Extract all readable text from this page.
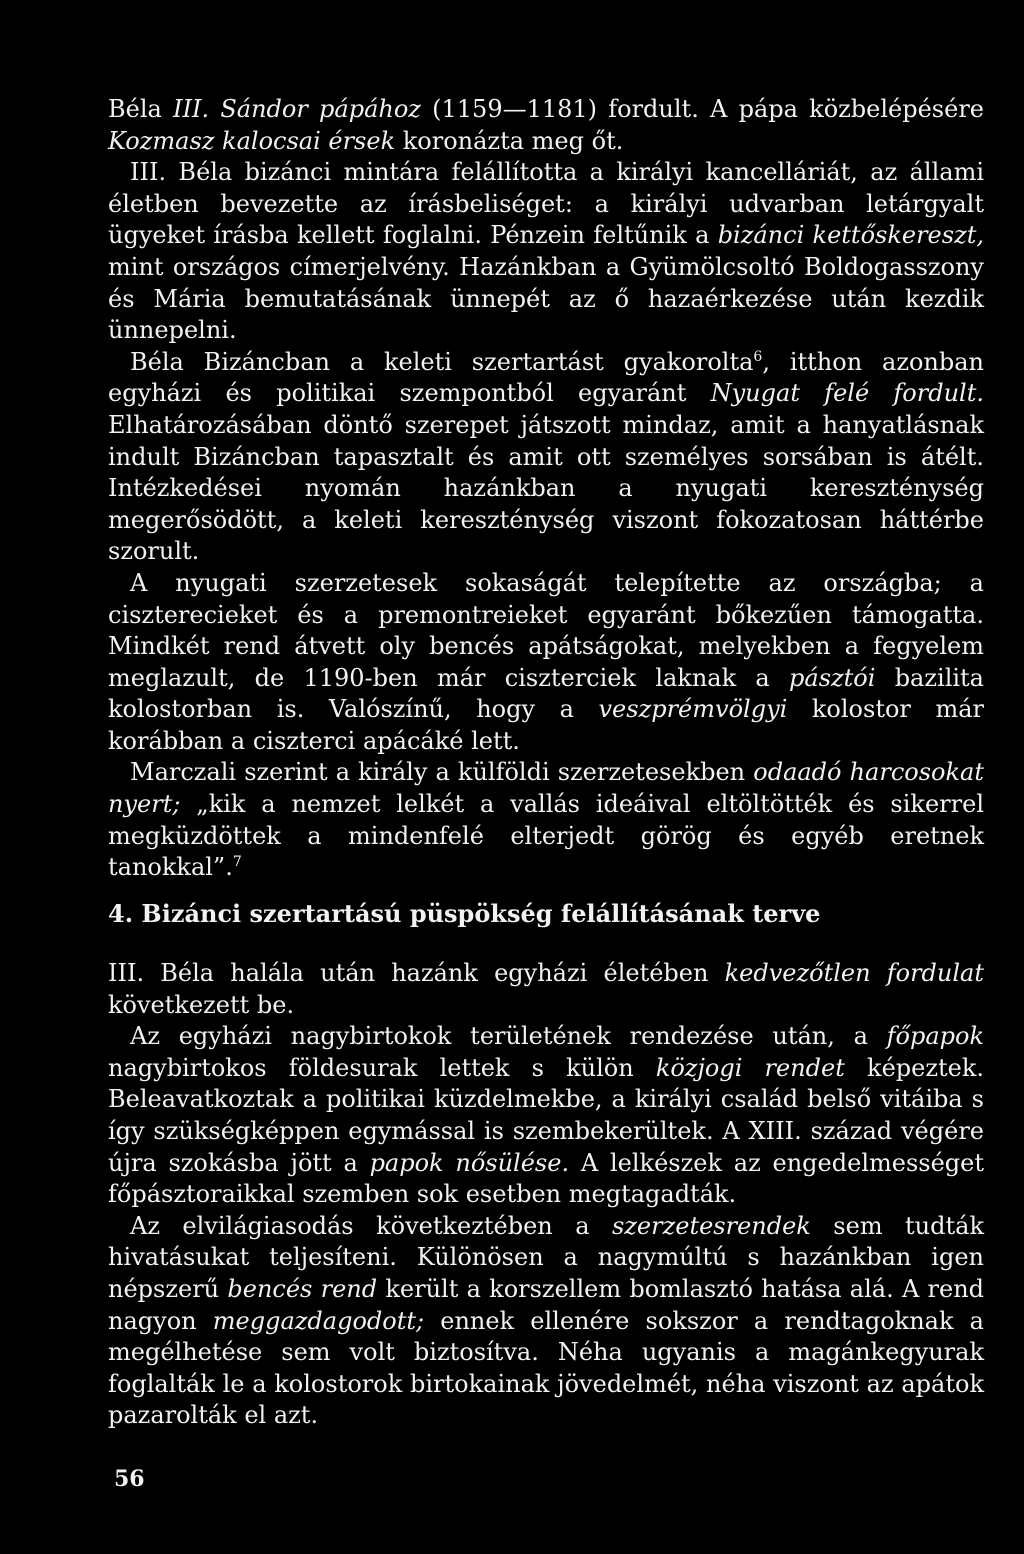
Béla III. Sándor pápához (1159—1181) fordult. A pápa közbelépésére Kozmasz kalocsai érsek koronázta meg őt.

III. Béla bizánci mintára felállította a királyi kancelláriát, az állami életben bevezette az írásbeliséget: a királyi udvarban letárgyalt ügyeket írásba kellett foglalni. Pénzein feltűnik a bizánci kettőskereszt, mint országos címerjelvény. Hazánkban a Gyümölcsoltó Boldogasszony és Mária bemutatásának ünnepét az ő hazaérkezése után kezdik ünnepelni.

Béla Bizáncban a keleti szertartást gyakorolta$^6$, itthon azonban egyházi és politikai szempontból egyaránt Nyugat felé fordult. Elhatározásában döntő szerepet játszott mindaz, amit a hanyatlásnak indult Bizáncban tapasztalt és amit ott személyes sorsában is átélt. Intézkedései nyomán hazánkban a nyugati kereszténység megerősödött, a keleti kereszténység viszont fokozatosan háttérbe szorult.

A nyugati szerzetesek sokaságát telepítette az országba; a ciszterecieket és a premontreieket egyaránt bőkezűen támogatta. Mindkét rend átvett oly bencés apátságokat, melyekben a fegyelem meglazult, de 1190-ben már ciszterciek laknak a pásztói bazilita kolostorban is. Valószínű, hogy a veszprémvölgyi kolostor már korábban a ciszterci apácáké lett.

Marczali szerint a király a külföldi szerzetesekben odaadó harcosokat nyert; „kik a nemzet lelkét a vallás ideáival eltöltötték és sikerrel megküzdöttek a mindenfelé elterjedt görög és egyéb eretnek tanokkal”.$^7$

4. Bizánci szertartású püspökség felállításának terve

III. Béla halála után hazánk egyházi életében kedvezőtlen fordulat következett be.

Az egyházi nagybirtokok területének rendezése után, a főpapok nagybirtokos földesurak lettek s külön közjogi rendet képeztek. Beleavatkoztak a politikai küzdelmekbe, a királyi család belső vitáiba s így szükségképpen egymással is szembekerültek. A XIII. század végére újra szokásba jött a papok nősülése. A lelkészek az engedelmességet főpásztoraikkal szemben sok esetben megtagadták.

Az elvilágiasodás következtében a szerzetesrendek sem tudták hivatásukat teljesíteni. Különösen a nagymúltú s hazánkban igen népszerű bencés rend került a korszellem bomlasztó hatása alá. A rend nagyon meggazdagodott; ennek ellenére sokszor a rendtagoknak a megélhetése sem volt biztosítva. Néha ugyanis a magánkegyurak foglalták le a kolostorok birtokainak jövedelmét, néha viszont az apátok pazarolták el azt.

56
